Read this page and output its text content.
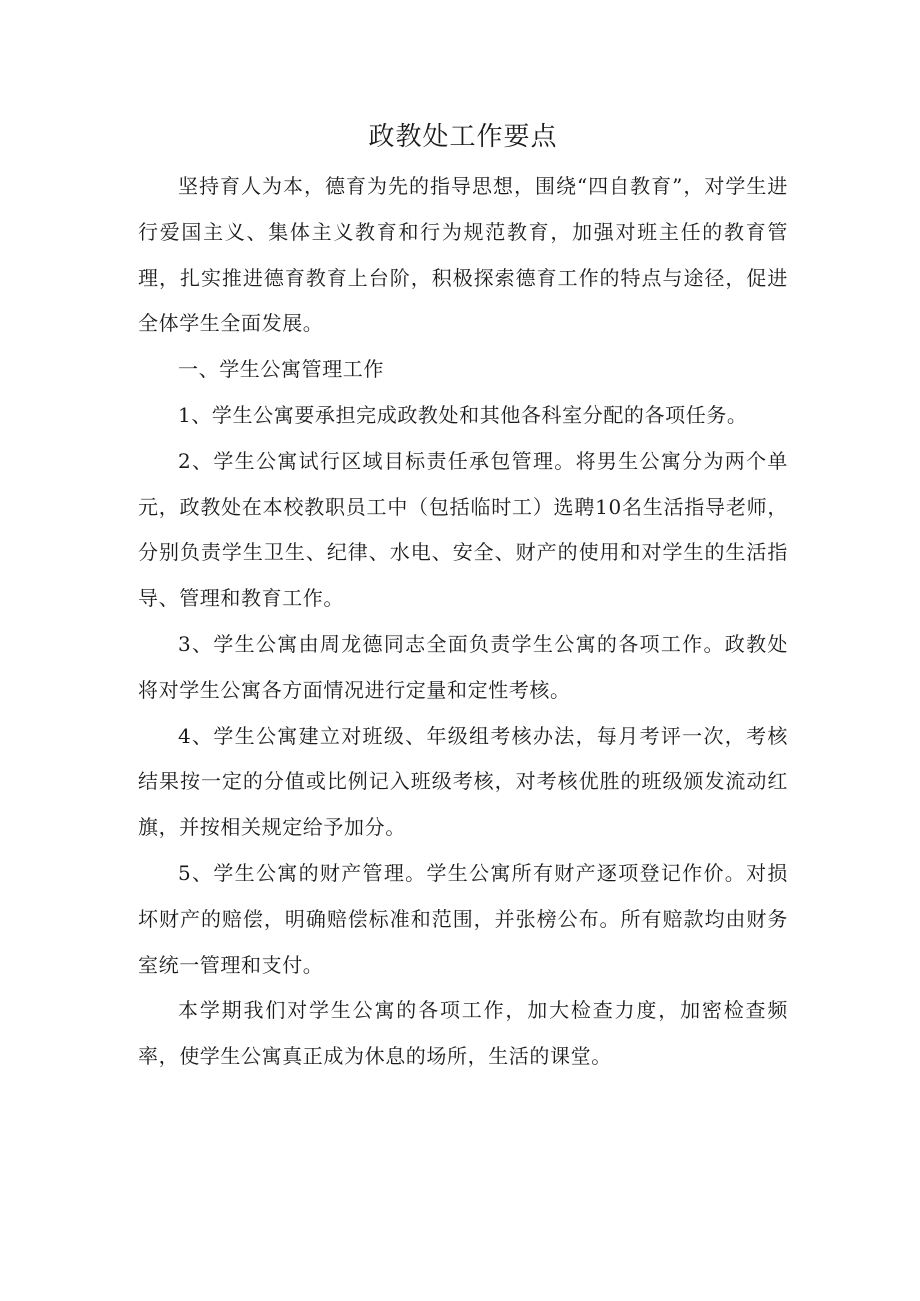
政教处工作要点

坚持育人为本，德育为先的指导思想，围绕“四自教育”，对学生进行爱国主义、集体主义教育和行为规范教育，加强对班主任的教育管理，扎实推进德育教育上台阶，积极探索德育工作的特点与途径，促进全体学生全面发展。

一、学生公寓管理工作

1、学生公寓要承担完成政教处和其他各科室分配的各项任务。

2、学生公寓试行区域目标责任承包管理。将男生公寓分为两个单元，政教处在本校教职员工中（包括临时工）选聘10名生活指导老师，分别负责学生卫生、纪律、水电、安全、财产的使用和对学生的生活指导、管理和教育工作。

3、学生公寓由周龙德同志全面负责学生公寓的各项工作。政教处将对学生公寓各方面情况进行定量和定性考核。

4、学生公寓建立对班级、年级组考核办法，每月考评一次，考核结果按一定的分值或比例记入班级考核，对考核优胜的班级颁发流动红旗，并按相关规定给予加分。

5、学生公寓的财产管理。学生公寓所有财产逐项登记作价。对损坏财产的赔偿，明确赔偿标准和范围，并张榜公布。所有赔款均由财务室统一管理和支付。

本学期我们对学生公寓的各项工作，加大检查力度，加密检查频率，使学生公寓真正成为休息的场所，生活的课堂。
